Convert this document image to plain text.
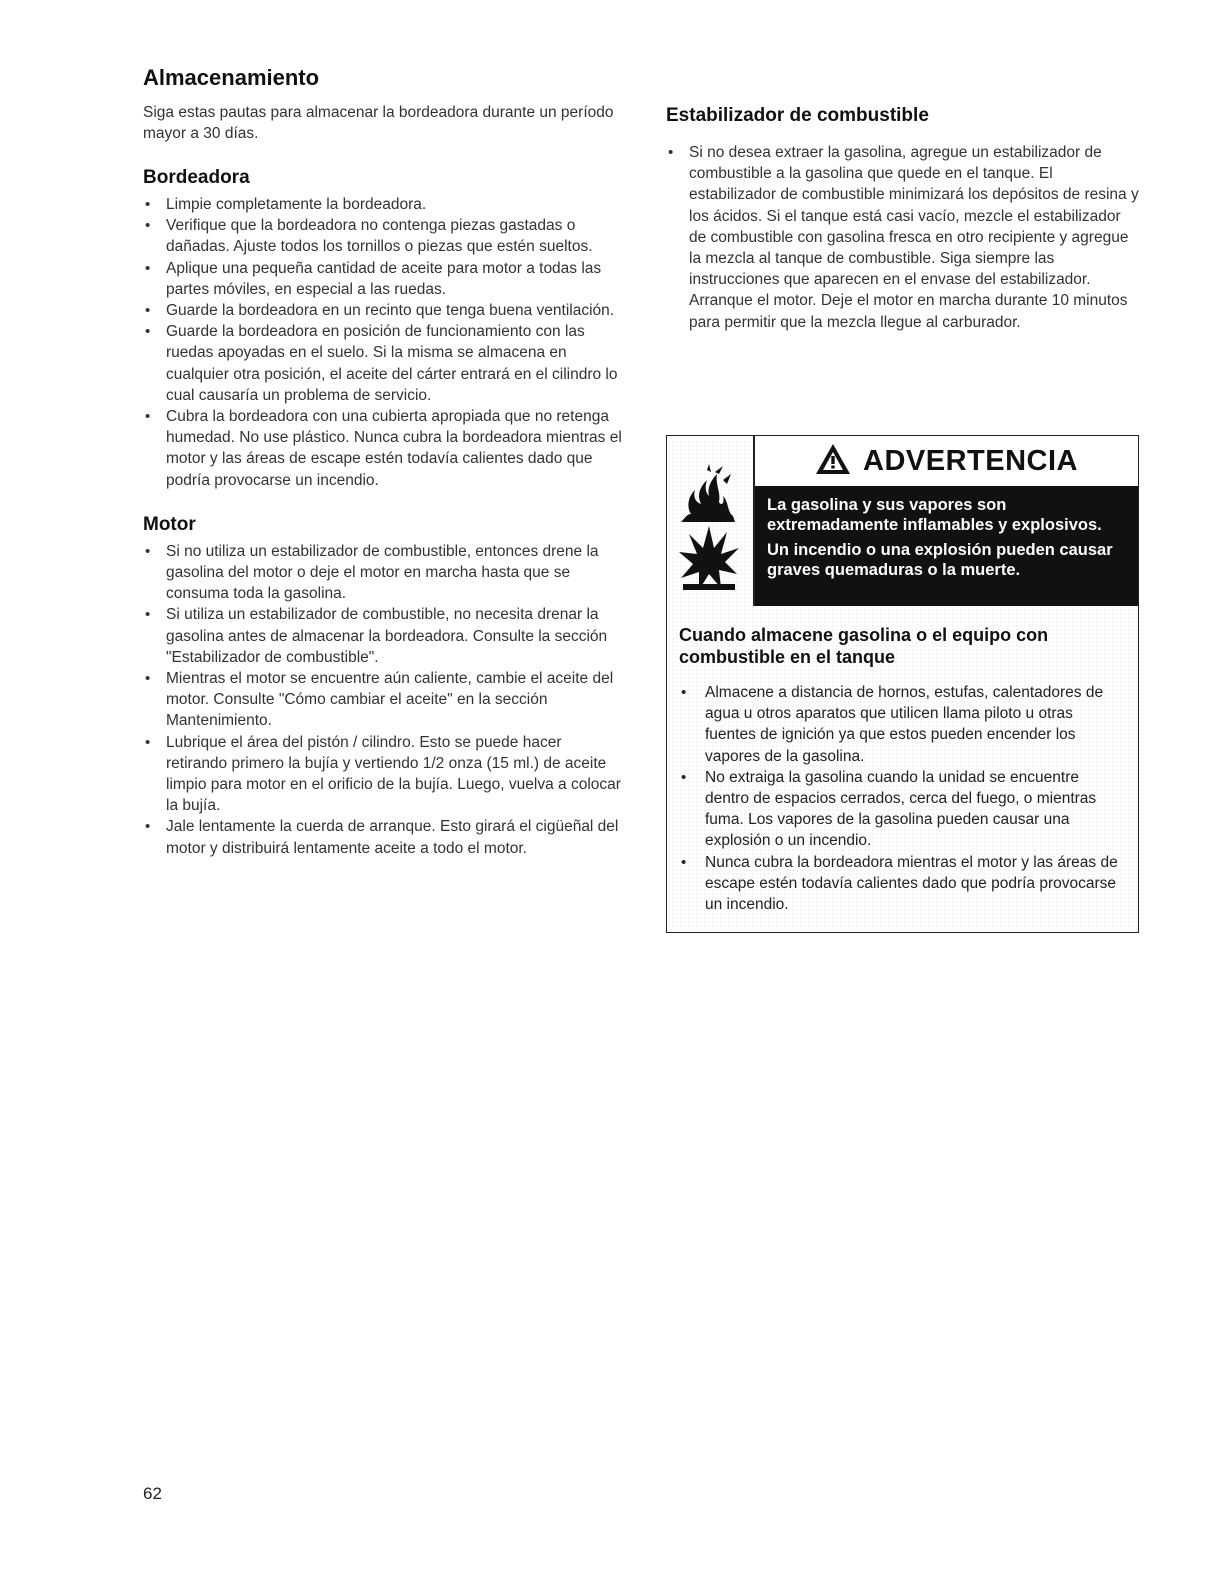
Almacenamiento

Siga estas pautas para almacenar la bordeadora durante un período mayor a 30 días.

Bordeadora
• Limpie completamente la bordeadora.
• Verifique que la bordeadora no contenga piezas gastadas o dañadas. Ajuste todos los tornillos o piezas que estén sueltos.
• Aplique una pequeña cantidad de aceite para motor a todas las partes móviles, en especial a las ruedas.
• Guarde la bordeadora en un recinto que tenga buena ventilación.
• Guarde la bordeadora en posición de funcionamiento con las ruedas apoyadas en el suelo. Si la misma se almacena en cualquier otra posición, el aceite del cárter entrará en el cilindro lo cual causaría un problema de servicio.
• Cubra la bordeadora con una cubierta apropiada que no retenga humedad. No use plástico. Nunca cubra la bordeadora mientras el motor y las áreas de escape estén todavía calientes dado que podría provocarse un incendio.
Motor
• Si no utiliza un estabilizador de combustible, entonces drene la gasolina del motor o deje el motor en marcha hasta que se consuma toda la gasolina.
• Si utiliza un estabilizador de combustible, no necesita drenar la gasolina antes de almacenar la bordeadora. Consulte la sección "Estabilizador de combustible".
• Mientras el motor se encuentre aún caliente, cambie el aceite del motor. Consulte "Cómo cambiar el aceite" en la sección Mantenimiento.
• Lubrique el área del pistón / cilindro. Esto se puede hacer retirando primero la bujía y vertiendo 1/2 onza (15 ml.) de aceite limpio para motor en el orificio de la bujía. Luego, vuelva a colocar la bujía.
• Jale lentamente la cuerda de arranque. Esto girará el cigüeñal del motor y distribuirá lentamente aceite a todo el motor.
Estabilizador de combustible
• Si no desea extraer la gasolina, agregue un estabilizador de combustible a la gasolina que quede en el tanque. El estabilizador de combustible minimizará los depósitos de resina y los ácidos. Si el tanque está casi vacío, mezcle el estabilizador de combustible con gasolina fresca en otro recipiente y agregue la mezcla al tanque de combustible. Siga siempre las instrucciones que aparecen en el envase del estabilizador. Arranque el motor. Deje el motor en marcha durante 10 minutos para permitir que la mezcla llegue al carburador.
ADVERTENCIA

La gasolina y sus vapores son extremadamente inflamables y explosivos.

Un incendio o una explosión pueden causar graves quemaduras o la muerte.

Cuando almacene gasolina o el equipo con combustible en el tanque
• Almacene a distancia de hornos, estufas, calentadores de agua u otros aparatos que utilicen llama piloto u otras fuentes de ignición ya que estos pueden encender los vapores de la gasolina.
• No extraiga la gasolina cuando la unidad se encuentre dentro de espacios cerrados, cerca del fuego, o mientras fuma. Los vapores de la gasolina pueden causar una explosión o un incendio.
• Nunca cubra la bordeadora mientras el motor y las áreas de escape estén todavía calientes dado que podría provocarse un incendio.
62
